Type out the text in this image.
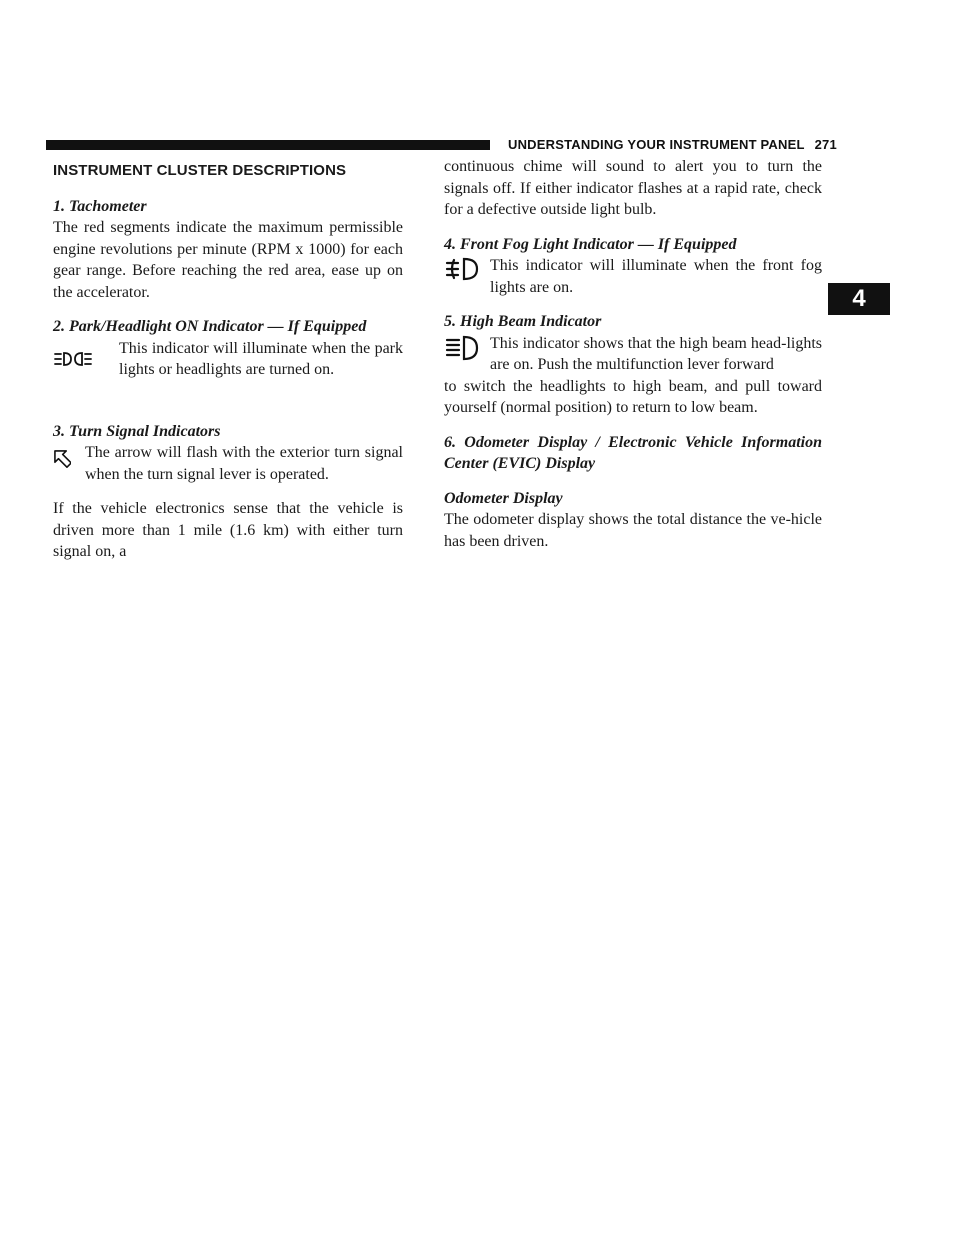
UNDERSTANDING YOUR INSTRUMENT PANEL 271
4
INSTRUMENT CLUSTER DESCRIPTIONS

1. Tachometer

The red segments indicate the maximum permissible engine revolutions per minute (RPM x 1000) for each gear range. Before reaching the red area, ease up on the accelerator.

2. Park/Headlight ON Indicator — If Equipped

This indicator will illuminate when the park lights or headlights are turned on.

3. Turn Signal Indicators

The arrow will flash with the exterior turn signal when the turn signal lever is operated.

If the vehicle electronics sense that the vehicle is driven more than 1 mile (1.6 km) with either turn signal on, a

continuous chime will sound to alert you to turn the signals off. If either indicator flashes at a rapid rate, check for a defective outside light bulb.

4. Front Fog Light Indicator — If Equipped

This indicator will illuminate when the front fog lights are on.

5. High Beam Indicator

This indicator shows that the high beam head-lights are on. Push the multifunction lever forward

to switch the headlights to high beam, and pull toward yourself (normal position) to return to low beam.

6. Odometer Display / Electronic Vehicle Information Center (EVIC) Display

Odometer Display

The odometer display shows the total distance the ve-hicle has been driven.
